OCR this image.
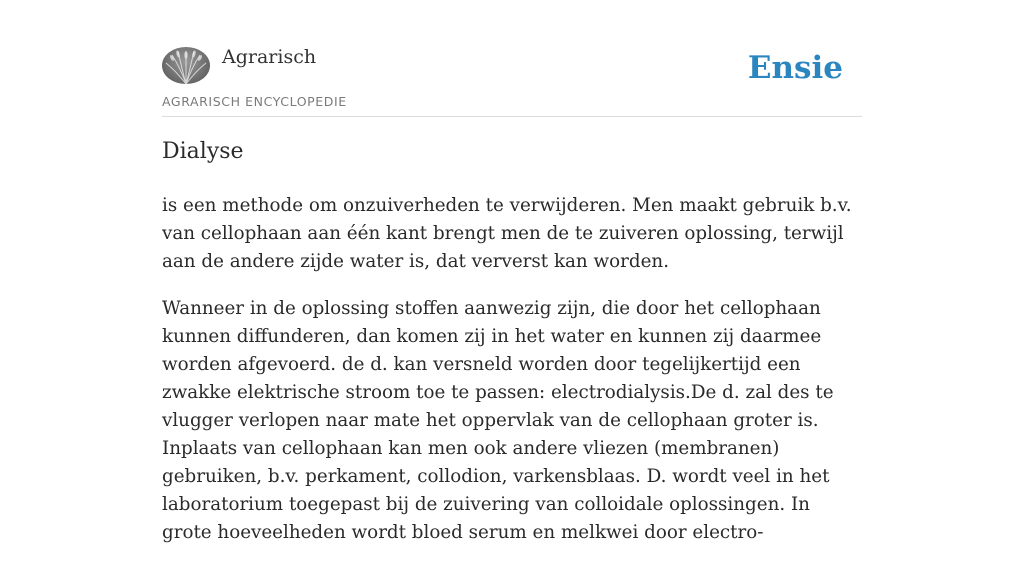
Agrarisch
AGRARISCH ENCYCLOPEDIE
Ensie
Dialyse

is een methode om onzuiverheden te verwijderen. Men maakt gebruik b.v. van cellophaan aan één kant brengt men de te zuiveren oplossing, terwijl aan de andere zijde water is, dat ververst kan worden.

Wanneer in de oplossing stoffen aanwezig zijn, die door het cellophaan kunnen diffunderen, dan komen zij in het water en kunnen zij daarmee worden afgevoerd. de d. kan versneld worden door tegelijkertijd een zwakke elektrische stroom toe te passen: electrodialysis.De d. zal des te vlugger verlopen naar mate het oppervlak van de cellophaan groter is. Inplaats van cellophaan kan men ook andere vliezen (membranen) gebruiken, b.v. perkament, collodion, varkensblaas. D. wordt veel in het laboratorium toegepast bij de zuivering van colloidale oplossingen. In grote hoeveelheden wordt bloed serum en melkwei door electro-
